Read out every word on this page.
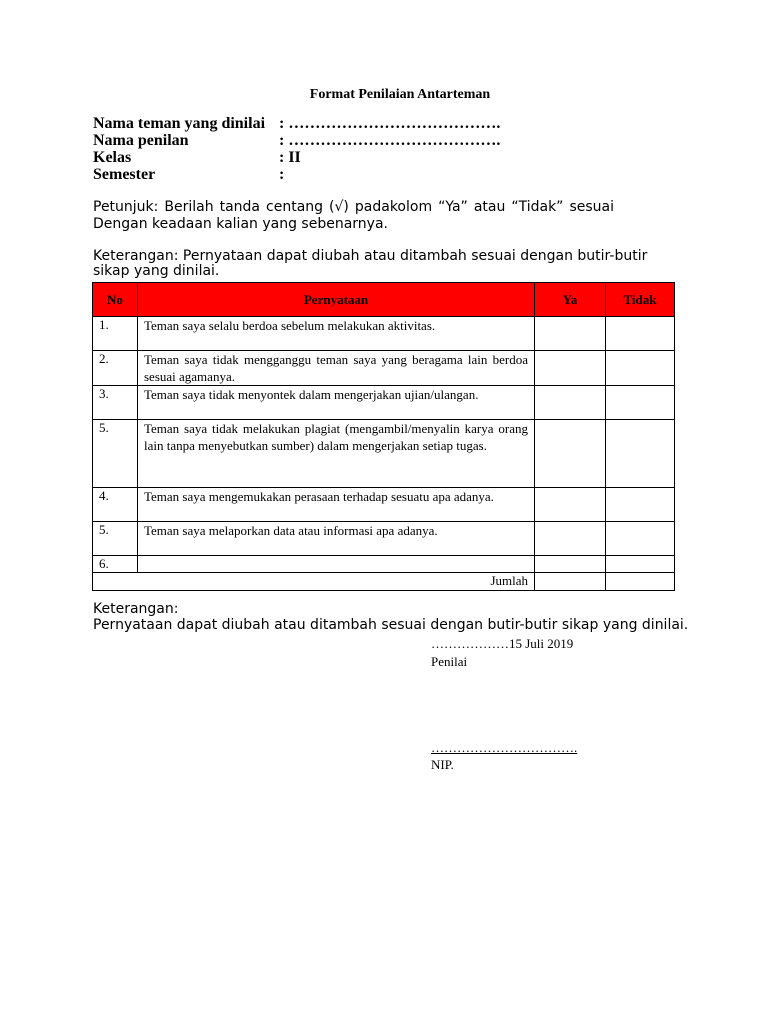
Format Penilaian Antarteman
Nama teman yang dinilai : ………………………………….
Nama penilan	: ………………………………….
Kelas	: II
Semester	:
Petunjuk: Berilah tanda centang (√) padakolom “Ya” atau “Tidak” sesuai
Dengan keadaan kalian yang sebenarnya.
Keterangan: Pernyataan dapat diubah atau ditambah sesuai dengan butir-butir sikap yang dinilai.
No	Pernyataan	Ya	Tidak
1.	Teman saya selalu berdoa sebelum melakukan aktivitas.		
2.	Teman saya tidak mengganggu teman saya yang beragama lain berdoa sesuai agamanya.		
3.	Teman saya tidak menyontek dalam mengerjakan ujian/ulangan.		
5.	Teman saya tidak melakukan plagiat (mengambil/menyalin karya orang lain tanpa menyebutkan sumber) dalam mengerjakan setiap tugas.		
4.	Teman saya mengemukakan perasaan terhadap sesuatu apa adanya.		
5.	Teman saya melaporkan data atau informasi apa adanya.		
6.			
Jumlah			
Keterangan:
Pernyataan dapat diubah atau ditambah sesuai dengan butir-butir sikap yang dinilai.
………………15 Juli 2019
Penilai
…………………………….
NIP.
